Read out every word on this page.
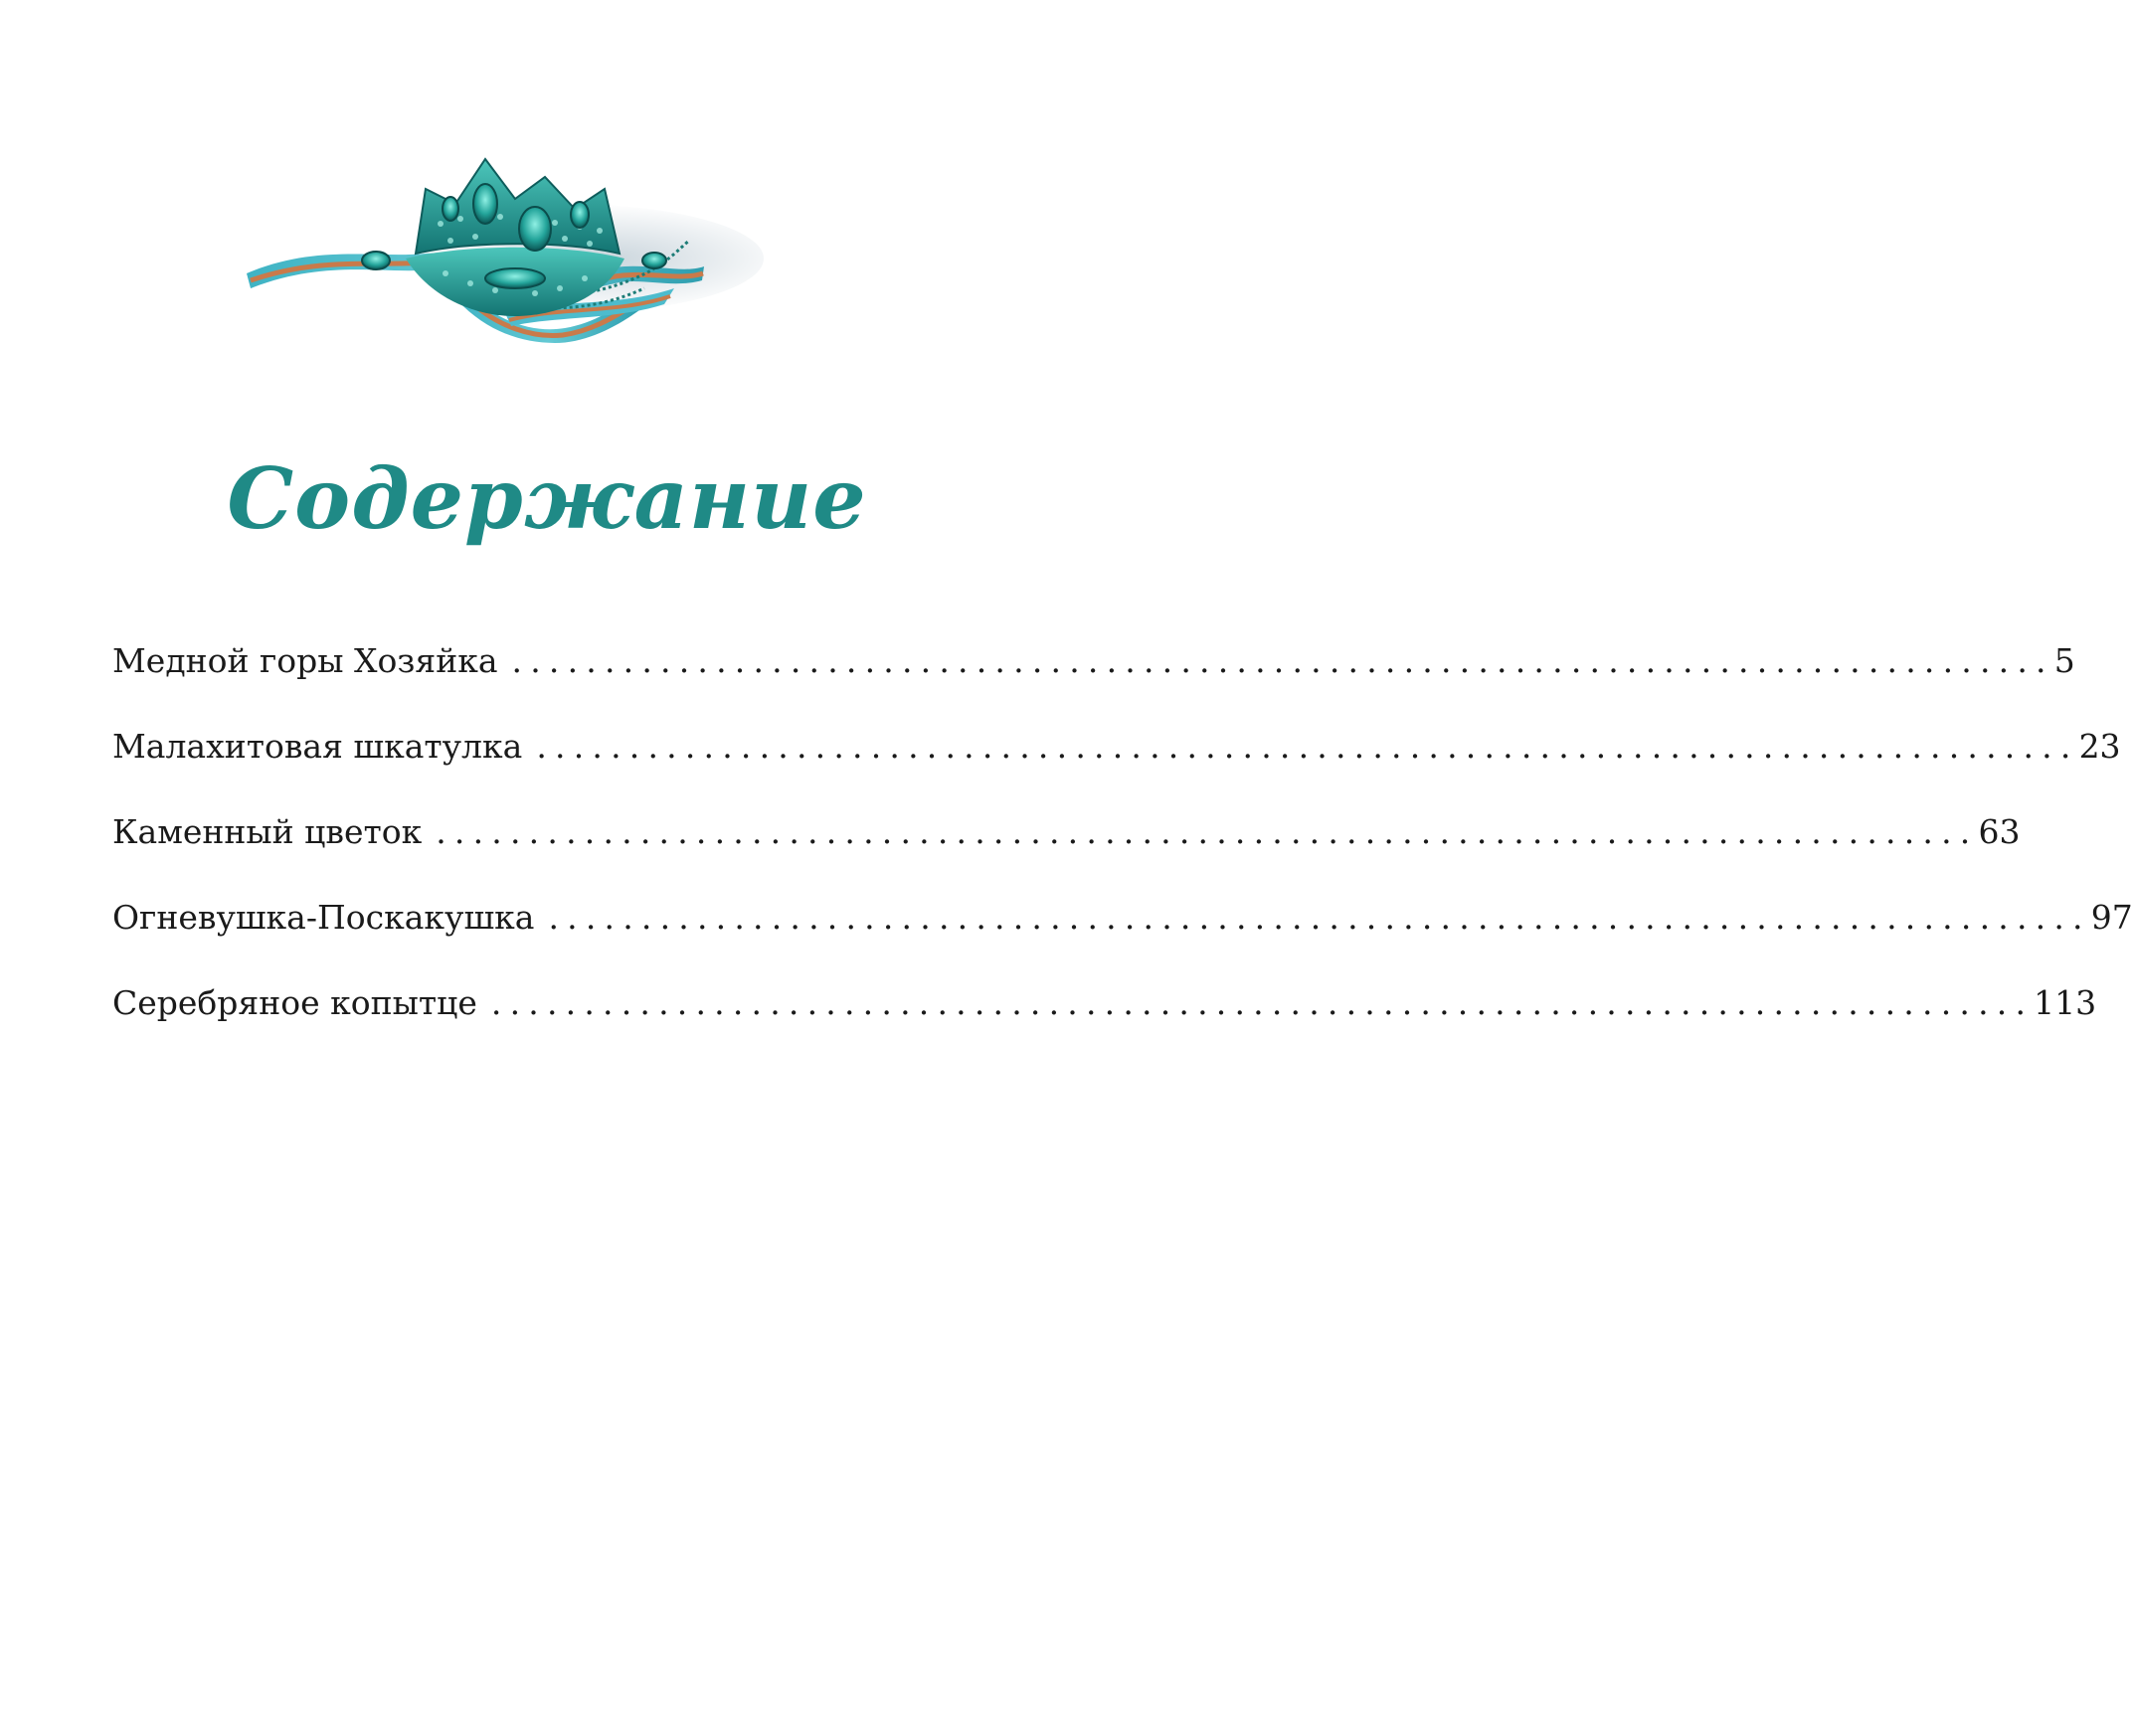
Содержание
Медной горы Хозяйка ................................................................................... 5
Малахитовая шкатулка ................................................................................... 23
Каменный цветок ................................................................................... 63
Огневушка-Поскакушка ................................................................................... 97
Серебряное копытце ................................................................................... 113
